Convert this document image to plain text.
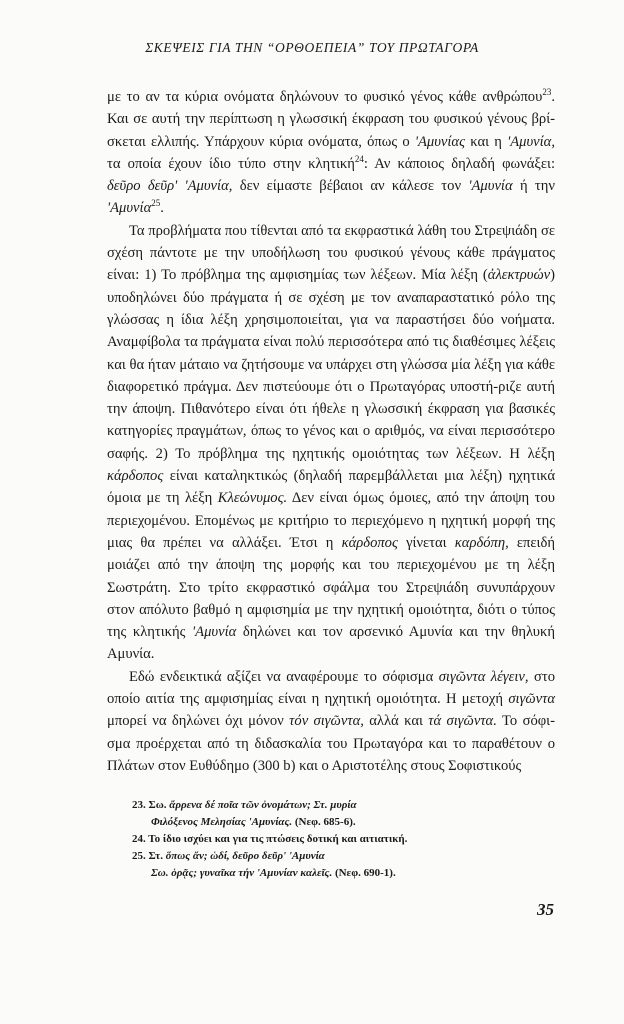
ΣΚΕΨΕΙΣ ΓΙΑ ΤΗΝ “ΟΡΘΟΕΠΕΙΑ” ΤΟΥ ΠΡΩΤΑΓΟΡΑ

με το αν τα κύρια ονόματα δηλώνουν το φυσικό γένος κάθε ανθρώπου$^{23}$. Και σε αυτή την περίπτωση η γλωσσική έκφραση του φυσικού γένους βρί-σκεται ελλιπής. Υπάρχουν κύρια ονόματα, όπως ο 'Αμυνίας και η 'Αμυνία, τα οποία έχουν ίδιο τύπο στην κλητική$^{24}$: Αν κάποιος δηλαδή φωνάξει: δεῦρο δεῦρ' 'Αμυνία, δεν είμαστε βέβαιοι αν κάλεσε τον 'Αμυνία ή την 'Αμυνία$^{25}$.

Τα προβλήματα που τίθενται από τα εκφραστικά λάθη του Στρεψιάδη σε σχέση πάντοτε με την υποδήλωση του φυσικού γένους κάθε πράγματος είναι: 1) Το πρόβλημα της αμφισημίας των λέξεων. Μία λέξη (ἀλεκτρυών) υποδηλώνει δύο πράγματα ή σε σχέση με τον αναπαραστατικό ρόλο της γλώσσας η ίδια λέξη χρησιμοποιείται, για να παραστήσει δύο νοήματα. Αναμφίβολα τα πράγματα είναι πολύ περισσότερα από τις διαθέσιμες λέξεις και θα ήταν μάταιο να ζητήσουμε να υπάρχει στη γλώσσα μία λέξη για κάθε διαφορετικό πράγμα. Δεν πιστεύουμε ότι ο Πρωταγόρας υποστή-ριζε αυτή την άποψη. Πιθανότερο είναι ότι ήθελε η γλωσσική έκφραση για βασικές κατηγορίες πραγμάτων, όπως το γένος και ο αριθμός, να είναι περισσότερο σαφής. 2) Το πρόβλημα της ηχητικής ομοιότητας των λέξεων. Η λέξη κάρδοπος είναι καταληκτικώς (δηλαδή παρεμβάλλεται μια λέξη) ηχητικά όμοια με τη λέξη Κλεώνυμος. Δεν είναι όμως όμοιες, από την άποψη του περιεχομένου. Επομένως με κριτήριο το περιεχόμενο η ηχητική μορφή της μιας θα πρέπει να αλλάξει. Έτσι η κάρδοπος γίνεται καρδόπη, επειδή μοιάζει από την άποψη της μορφής και του περιεχομένου με τη λέξη Σωστράτη. Στο τρίτο εκφραστικό σφάλμα του Στρεψιάδη συνυπάρχουν στον απόλυτο βαθμό η αμφισημία με την ηχητική ομοιότητα, διότι ο τύπος της κλητικής 'Αμυνία δηλώνει και τον αρσενικό Αμυνία και την θηλυκή Αμυνία.

Εδώ ενδεικτικά αξίζει να αναφέρουμε το σόφισμα σιγῶντα λέγειν, στο οποίο αιτία της αμφισημίας είναι η ηχητική ομοιότητα. Η μετοχή σιγῶντα μπορεί να δηλώνει όχι μόνον τόν σιγῶντα, αλλά και τά σιγῶντα. Το σόφι-σμα προέρχεται από τη διδασκαλία του Πρωταγόρα και το παραθέτουν ο Πλάτων στον Ευθύδημο (300 b) και ο Αριστοτέλης στους Σοφιστικούς

23. Σω. ἄρρενα δέ ποῖα τῶν ὀνομάτων; Στ. μυρία
Φιλόξενος Μελησίας 'Αμυνίας. (Νεφ. 685-6).
24. Το ίδιο ισχύει και για τις πτώσεις δοτική και αιτιατική.
25. Στ. ὅπως ἄν; ὡδί, δεῦρο δεῦρ' 'Αμυνία
Σω. ὁρᾷς; γυναῖκα τήν 'Αμυνίαν καλεῖς. (Νεφ. 690-1).
35
